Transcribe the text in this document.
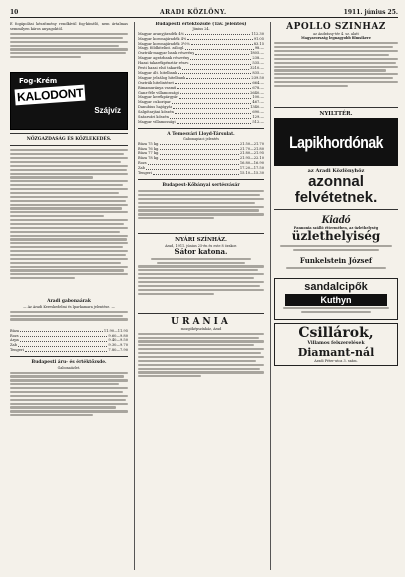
10	ARADI KÖZLÖNY.	1911. június 25.
E fogápolási készítmény rendkívül fog-kímélő, nem ártalmas semmilyen káros anyagoktól.
Fog-Krém
KALODONT
Szájvíz
NÖZGAZDASÁG ÉS KÖZLEKEDÉS.
Aradi gabonaárak
— Az Aradi Kereskedelmi és Iparkamara jelentése. —
Búza	11.90—11.95
Rozs	9.60—9.80
Árpa	9.40—9.50
Zab	9.30—9.70
Tengeri	7.80—7.90
Budapesti áru- és értéktőzsde.
Gabonaüzlet.
Budapesti értéktőzsde (Táv. jelentés)
Június 24.
Magyar aranyjáradék 4%	112.30
Magyar koronajáradék 4%	91.05
Magyar koronajáradék 3½%	83.15
Magy. földhitelint. zálogl.	98.—
Osztrák-magyar bank részvény	1805.—
Magyar agrárbank részvény	238.—
Hazai takarékpénztár részv.	535.—
Pesti hazai első takarék	3210.—
Magyar ált. hitelbank	835.—
Magyar jelzálog hitelbank	239.50
Osztrák hitelintézet	664.—
Rimamuránya vasmű	678.—
Ganz-féle villamossági	2640.—
Magyar kerékpárgyár	100.—
Magyar cukoripar	467.—
Danubius hajógyár	1340.—
Salgótarjáni kőszén	690.—
Szászvári kőszén	129.—
Magyar villamossági	512.—
A Temesvári Lloyd-Társulat.
Gabonapiaci jelentés
Búza 75 kg.	21.50—21.70
Búza 76 kg.	21.70—21.80
Búza 77 kg.	21.80—21.95
Búza 78 kg.	21.95—22.10
Rozs	16.80—16.90
Zab	17.20—17.50
Tengeri	15.10—15.30
Budapest-Kőbányai sertésvásár
NYÁRI SZÍNHÁZ.
Arad, 1911. június 25-én és este 8 órakor.
Sátor katona.
URANIA
mozgóképszínház, Arad
APOLLO SZÍNHÁZ
az Andrássy-tér 4. sz. alatt
Magyarország legnagyobb filmsikere
NYILTTÉR.
Lapikhordónak
az Aradi Közlönyhöz
azonnal
felvétetnek.
Kiadó
Pannonia szálló éttermében, az üzlethelység
üzlethelyiség
Funkelstein József
sandalcipők
Kuthyn
Csillárok,
Villamos felszerelések
Diamant-nál
Aradi Péter-utca 3. szám.
